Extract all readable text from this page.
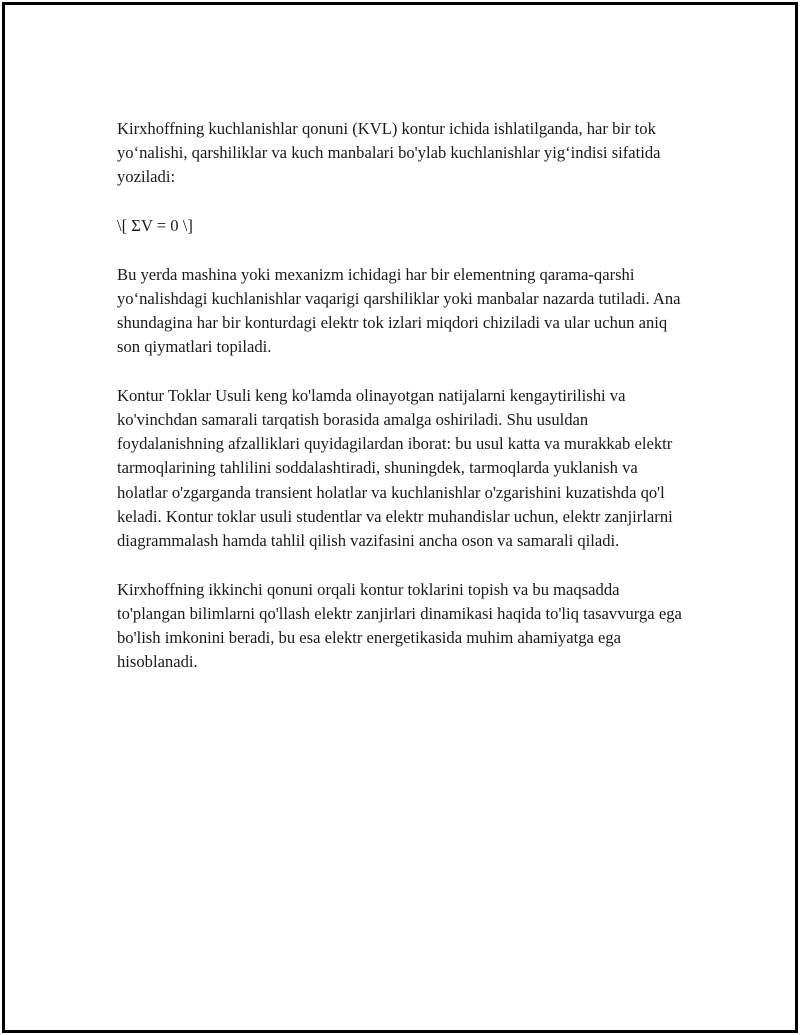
Kirxhoffning kuchlanishlar qonuni (KVL) kontur ichida ishlatilganda, har bir tok yo‘nalishi, qarshiliklar va kuch manbalari bo'ylab kuchlanishlar yig‘indisi sifatida yoziladi:

\[ ΣV = 0 \]

Bu yerda mashina yoki mexanizm ichidagi har bir elementning qarama-qarshi yo‘nalishdagi kuchlanishlar vaqarigi qarshiliklar yoki manbalar nazarda tutiladi. Ana shundagina har bir konturdagi elektr tok izlari miqdori chiziladi va ular uchun aniq son qiymatlari topiladi.

Kontur Toklar Usuli keng ko'lamda olinayotgan natijalarni kengaytirilishi va ko'vinchdan samarali tarqatish borasida amalga oshiriladi. Shu usuldan foydalanishning afzalliklari quyidagilardan iborat: bu usul katta va murakkab elektr tarmoqlarining tahlilini soddalashtiradi, shuningdek, tarmoqlarda yuklanish va holatlar o'zgarganda transient holatlar va kuchlanishlar o'zgarishini kuzatishda qo'l keladi. Kontur toklar usuli studentlar va elektr muhandislar uchun, elektr zanjirlarni diagrammalash hamda tahlil qilish vazifasini ancha oson va samarali qiladi.

Kirxhoffning ikkinchi qonuni orqali kontur toklarini topish va bu maqsadda to'plangan bilimlarni qo'llash elektr zanjirlari dinamikasi haqida to'liq tasavvurga ega bo'lish imkonini beradi, bu esa elektr energetikasida muhim ahamiyatga ega hisoblanadi.
